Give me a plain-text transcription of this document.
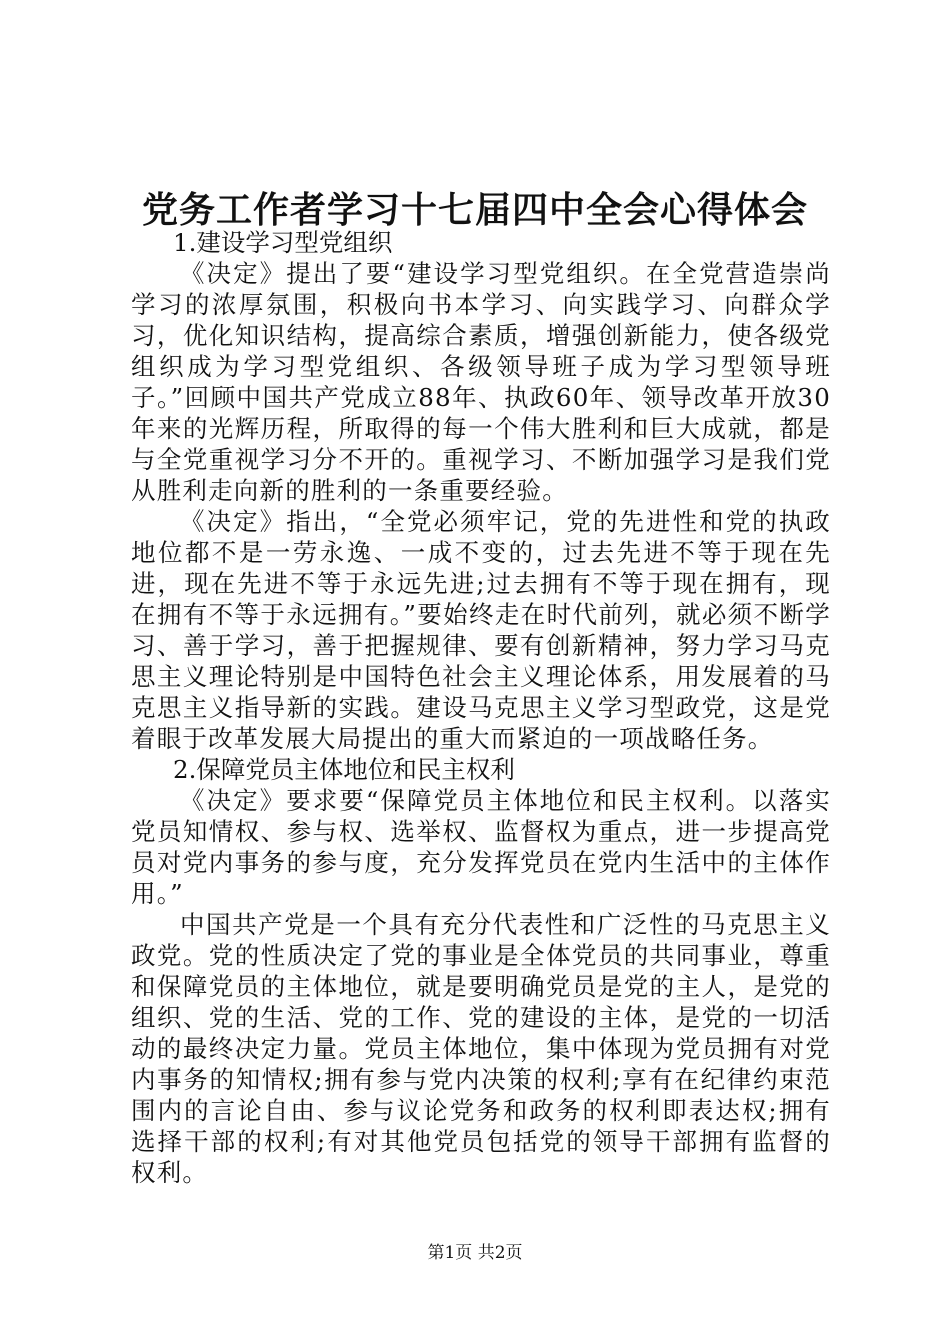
党务工作者学习十七届四中全会心得体会

1.建设学习型党组织

《决定》提出了要“建设学习型党组织。在全党营造崇尚学习的浓厚氛围，积极向书本学习、向实践学习、向群众学习，优化知识结构，提高综合素质，增强创新能力，使各级党组织成为学习型党组织、各级领导班子成为学习型领导班子。”回顾中国共产党成立88年、执政60年、领导改革开放30年来的光辉历程，所取得的每一个伟大胜利和巨大成就，都是与全党重视学习分不开的。重视学习、不断加强学习是我们党从胜利走向新的胜利的一条重要经验。

《决定》指出，“全党必须牢记，党的先进性和党的执政地位都不是一劳永逸、一成不变的，过去先进不等于现在先进，现在先进不等于永远先进;过去拥有不等于现在拥有，现在拥有不等于永远拥有。”要始终走在时代前列，就必须不断学习、善于学习，善于把握规律、要有创新精神，努力学习马克思主义理论特别是中国特色社会主义理论体系，用发展着的马克思主义指导新的实践。建设马克思主义学习型政党，这是党着眼于改革发展大局提出的重大而紧迫的一项战略任务。

2.保障党员主体地位和民主权利

《决定》要求要“保障党员主体地位和民主权利。以落实党员知情权、参与权、选举权、监督权为重点，进一步提高党员对党内事务的参与度，充分发挥党员在党内生活中的主体作用。”

中国共产党是一个具有充分代表性和广泛性的马克思主义政党。党的性质决定了党的事业是全体党员的共同事业，尊重和保障党员的主体地位，就是要明确党员是党的主人，是党的组织、党的生活、党的工作、党的建设的主体，是党的一切活动的最终决定力量。党员主体地位，集中体现为党员拥有对党内事务的知情权;拥有参与党内决策的权利;享有在纪律约束范围内的言论自由、参与议论党务和政务的权利即表达权;拥有选择干部的权利;有对其他党员包括党的领导干部拥有监督的权利。

第1页 共2页
